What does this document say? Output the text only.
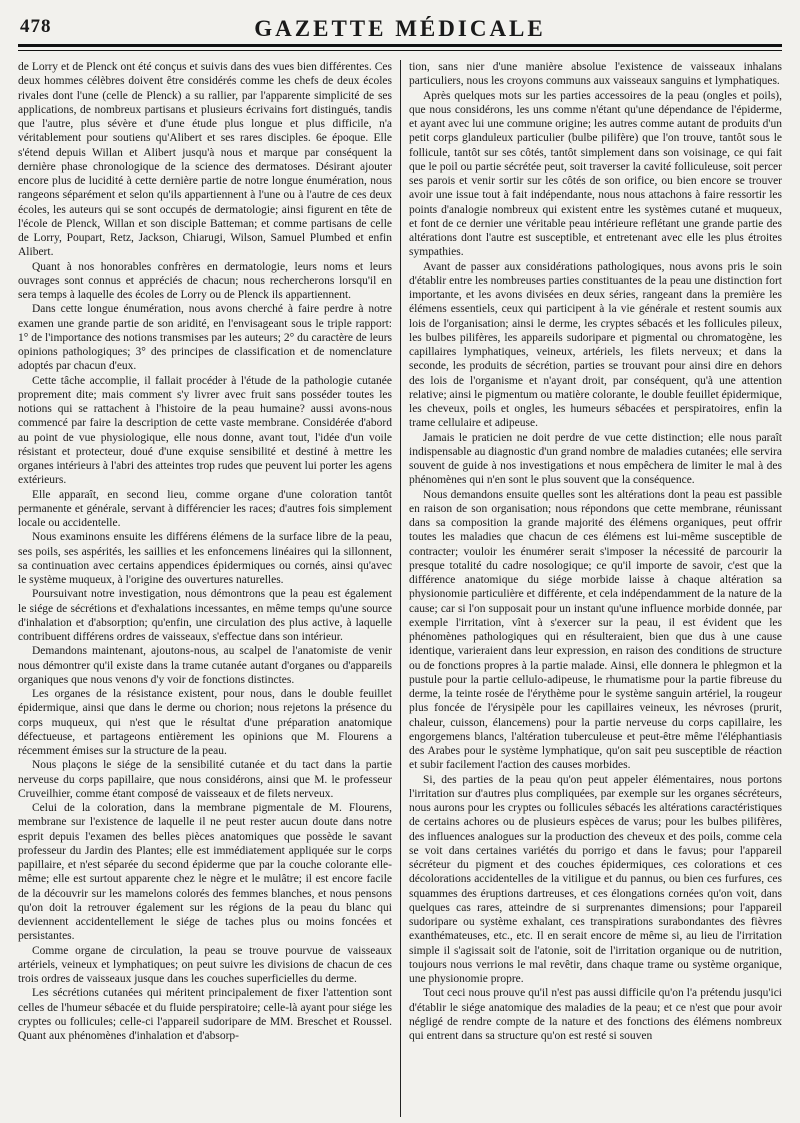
478	GAZETTE MÉDICALE

de Lorry et de Plenck ont été conçus et suivis dans des vues bien différentes. Ces deux hommes célèbres doivent être considérés comme les chefs de deux écoles rivales dont l'une (celle de Plenck) a su rallier, par l'apparente simplicité de ses applications, de nombreux partisans et plusieurs écrivains fort distingués, tandis que l'autre, plus sévère et d'une étude plus longue et plus difficile, n'a véritablement pour soutiens qu'Alibert et ses rares disciples. 6e époque. Elle s'étend depuis Willan et Alibert jusqu'à nous et marque par conséquent la dernière phase chronologique de la science des dermatoses. Désirant ajouter encore plus de lucidité à cette dernière partie de notre longue énumération, nous rangeons séparément et selon qu'ils appartiennent à l'une ou à l'autre de ces deux écoles, les auteurs qui se sont occupés de dermatologie; ainsi figurent en tête de l'école de Plenck, Willan et son disciple Batteman; et comme partisans de celle de Lorry, Poupart, Retz, Jackson, Chiarugi, Wilson, Samuel Plumbed et enfin Alibert.

Quant à nos honorables confrères en dermatologie, leurs noms et leurs ouvrages sont connus et appréciés de chacun; nous rechercherons lorsqu'il en sera temps à laquelle des écoles de Lorry ou de Plenck ils appartiennent.

Dans cette longue énumération, nous avons cherché à faire perdre à notre examen une grande partie de son aridité, en l'envisageant sous le triple rapport: 1° de l'importance des notions transmises par les auteurs; 2° du caractère de leurs opinions pathologiques; 3° des principes de classification et de nomenclature adoptés par chacun d'eux.

Cette tâche accomplie, il fallait procéder à l'étude de la pathologie cutanée proprement dite; mais comment s'y livrer avec fruit sans posséder toutes les notions qui se rattachent à l'histoire de la peau humaine? aussi avons-nous commencé par faire la description de cette vaste membrane. Considérée d'abord au point de vue physiologique, elle nous donne, avant tout, l'idée d'un voile résistant et protecteur, doué d'une exquise sensibilité et destiné à mettre les organes intérieurs à l'abri des atteintes trop rudes que peuvent lui porter les agens extérieurs.

Elle apparaît, en second lieu, comme organe d'une coloration tantôt permanente et générale, servant à différencier les races; d'autres fois simplement locale ou accidentelle.

Nous examinons ensuite les différens élémens de la surface libre de la peau, ses poils, ses aspérités, les saillies et les enfoncemens linéaires qui la sillonnent, sa continuation avec certains appendices épidermiques ou cornés, ainsi qu'avec le système muqueux, à l'origine des ouvertures naturelles.

Poursuivant notre investigation, nous démontrons que la peau est également le siége de sécrétions et d'exhalations incessantes, en même temps qu'une source d'inhalation et d'absorption; qu'enfin, une circulation des plus active, à laquelle contribuent différens ordres de vaisseaux, s'effectue dans son intérieur.

Demandons maintenant, ajoutons-nous, au scalpel de l'anatomiste de venir nous démontrer qu'il existe dans la trame cutanée autant d'organes ou d'appareils organiques que nous venons d'y voir de fonctions distinctes.

Les organes de la résistance existent, pour nous, dans le double feuillet épidermique, ainsi que dans le derme ou chorion; nous rejetons la présence du corps muqueux, qui n'est que le résultat d'une préparation anatomique défectueuse, et partageons entièrement les opinions que M. Flourens a récemment émises sur la structure de la peau.

Nous plaçons le siége de la sensibilité cutanée et du tact dans la partie nerveuse du corps papillaire, que nous considérons, ainsi que M. le professeur Cruveilhier, comme étant composé de vaisseaux et de filets nerveux.

Celui de la coloration, dans la membrane pigmentale de M. Flourens, membrane sur l'existence de laquelle il ne peut rester aucun doute dans notre esprit depuis l'examen des belles pièces anatomiques que possède le savant professeur du Jardin des Plantes; elle est immédiatement appliquée sur le corps papillaire, et n'est séparée du second épiderme que par la couche colorante elle-même; elle est surtout apparente chez le nègre et le mulâtre; il est encore facile de la découvrir sur les mamelons colorés des femmes blanches, et nous pensons qu'on doit la retrouver également sur les régions de la peau du blanc qui deviennent accidentellement le siége de taches plus ou moins foncées et persistantes.

Comme organe de circulation, la peau se trouve pourvue de vaisseaux artériels, veineux et lymphatiques; on peut suivre les divisions de chacun de ces trois ordres de vaisseaux jusque dans les couches superficielles du derme.

Les sécrétions cutanées qui méritent principalement de fixer l'attention sont celles de l'humeur sébacée et du fluide perspiratoire; celle-là ayant pour siége les cryptes ou follicules; celle-ci l'appareil sudoripare de MM. Breschet et Roussel. Quant aux phénomènes d'inhalation et d'absorp-

tion, sans nier d'une manière absolue l'existence de vaisseaux inhalans particuliers, nous les croyons communs aux vaisseaux sanguins et lymphatiques.

Après quelques mots sur les parties accessoires de la peau (ongles et poils), que nous considérons, les uns comme n'étant qu'une dépendance de l'épiderme, et ayant avec lui une commune origine; les autres comme autant de produits d'un petit corps glanduleux particulier (bulbe pilifère) que l'on trouve, tantôt sous le follicule, tantôt sur ses côtés, tantôt simplement dans son voisinage, ce qui fait que le poil ou partie sécrétée peut, soit traverser la cavité folliculeuse, soit percer ses parois et venir sortir sur les côtés de son orifice, ou bien encore se trouver avoir une issue tout à fait indépendante, nous nous attachons à faire ressortir les points d'analogie nombreux qui existent entre les systèmes cutané et muqueux, et font de ce dernier une véritable peau intérieure reflétant une grande partie des altérations dont l'autre est susceptible, et entretenant avec elle les plus étroites sympathies.

Avant de passer aux considérations pathologiques, nous avons pris le soin d'établir entre les nombreuses parties constituantes de la peau une distinction fort importante, et les avons divisées en deux séries, rangeant dans la première les élémens essentiels, ceux qui participent à la vie générale et restent soumis aux lois de l'organisation; ainsi le derme, les cryptes sébacés et les follicules pileux, les bulbes pilifères, les appareils sudoripare et pigmental ou chromatogène, les capillaires lymphatiques, veineux, artériels, les filets nerveux; et dans la seconde, les produits de sécrétion, parties se trouvant pour ainsi dire en dehors des lois de l'organisme et n'ayant droit, par conséquent, qu'à une attention relative; ainsi le pigmentum ou matière colorante, le double feuillet épidermique, les cheveux, poils et ongles, les humeurs sébacées et perspiratoires, enfin la trame cellulaire et adipeuse.

Jamais le praticien ne doit perdre de vue cette distinction; elle nous paraît indispensable au diagnostic d'un grand nombre de maladies cutanées; elle servira souvent de guide à nos investigations et nous empêchera de limiter le mal à des phénomènes qui n'en sont le plus souvent que la conséquence.

Nous demandons ensuite quelles sont les altérations dont la peau est passible en raison de son organisation; nous répondons que cette membrane, réunissant dans sa composition la grande majorité des élémens organiques, peut offrir toutes les maladies que chacun de ces élémens est lui-même susceptible de contracter; vouloir les énumérer serait s'imposer la nécessité de parcourir la presque totalité du cadre nosologique; ce qu'il importe de savoir, c'est que la différence anatomique du siége morbide laisse à chaque altération sa physionomie particulière et différente, et cela indépendamment de la nature de la cause; car si l'on supposait pour un instant qu'une influence morbide donnée, par exemple l'irritation, vînt à s'exercer sur la peau, il est évident que les phénomènes pathologiques qui en résulteraient, bien que dus à une cause identique, varieraient dans leur expression, en raison des conditions de structure ou de fonctions propres à la partie malade. Ainsi, elle donnera le phlegmon et la pustule pour la partie cellulo-adipeuse, le rhumatisme pour la partie fibreuse du derme, la teinte rosée de l'érythème pour le système sanguin artériel, la rougeur plus foncée de l'érysipèle pour les capillaires veineux, les névroses (prurit, chaleur, cuisson, élancemens) pour la partie nerveuse du corps capillaire, les engorgemens blancs, l'altération tuberculeuse et peut-être même l'éléphantiasis des Arabes pour le système lymphatique, qu'on sait peu susceptible de réaction et subir facilement l'action des causes morbides.

Si, des parties de la peau qu'on peut appeler élémentaires, nous portons l'irritation sur d'autres plus compliquées, par exemple sur les organes sécréteurs, nous aurons pour les cryptes ou follicules sébacés les altérations caractéristiques de certains achores ou de plusieurs espèces de varus; pour les bulbes pilifères, des influences analogues sur la production des cheveux et des poils, comme cela se voit dans certaines variétés du porrigo et dans le favus; pour l'appareil sécréteur du pigment et des couches épidermiques, ces colorations et ces décolorations accidentelles de la vitiligue et du pannus, ou bien ces furfures, ces squammes des éruptions dartreuses, et ces élongations cornées qu'on voit, dans quelques cas rares, atteindre de si surprenantes dimensions; pour l'appareil sudoripare ou système exhalant, ces transpirations surabondantes des fièvres exanthémateuses, etc., etc. Il en serait encore de même si, au lieu de l'irritation simple il s'agissait soit de l'atonie, soit de l'irritation organique ou de nutrition, toujours nous verrions le mal revêtir, dans chaque trame ou système organique, une physionomie propre.

Tout ceci nous prouve qu'il n'est pas aussi difficile qu'on l'a prétendu jusqu'ici d'établir le siége anatomique des maladies de la peau; et ce n'est que pour avoir négligé de rendre compte de la nature et des fonctions des élémens nombreux qui entrent dans sa structure qu'on est resté si souven
